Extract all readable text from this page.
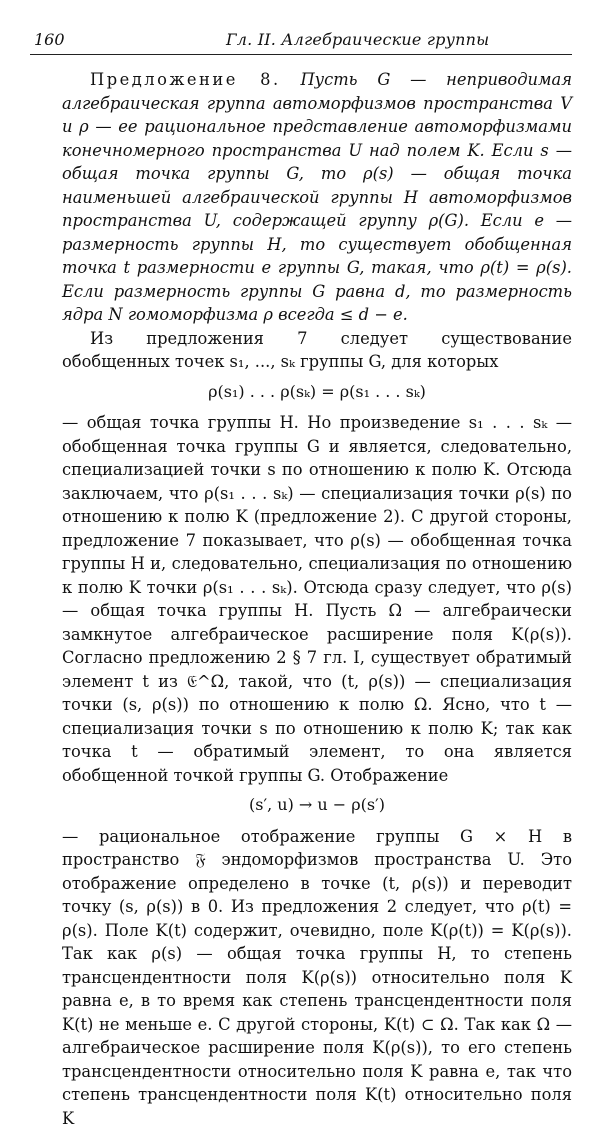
160	Гл. II. Алгебраические группы

Предложение 8. Пусть G — неприводимая алгебраическая группа автоморфизмов пространства V и ρ — ее рациональное представление автоморфизмами конечномерного пространства U над полем K. Если s — общая точка группы G, то ρ(s) — общая точка наименьшей алгебраической группы H автоморфизмов пространства U, содержащей группу ρ(G). Если e — размерность группы H, то существует обобщенная точка t размерности e группы G, такая, что ρ(t) = ρ(s). Если размерность группы G равна d, то размерность ядра N гомоморфизма ρ всегда ≤ d − e.

Из предложения 7 следует существование обобщенных точек s₁, ..., sₖ группы G, для которых

ρ(s₁) . . . ρ(sₖ) = ρ(s₁ . . . sₖ)

— общая точка группы H. Но произведение s₁ . . . sₖ — обобщенная точка группы G и является, следовательно, специализацией точки s по отношению к полю K. Отсюда заключаем, что ρ(s₁ . . . sₖ) — специализация точки ρ(s) по отношению к полю K (предложение 2). С другой стороны, предложение 7 показывает, что ρ(s) — обобщенная точка группы H и, следовательно, специализация по отношению к полю K точки ρ(s₁ . . . sₖ). Отсюда сразу следует, что ρ(s) — общая точка группы H. Пусть Ω — алгебраически замкнутое алгебраическое расширение поля K(ρ(s)). Согласно предложению 2 § 7 гл. I, существует обратимый элемент t из 𝔈^Ω, такой, что (t, ρ(s)) — специализация точки (s, ρ(s)) по отношению к полю Ω. Ясно, что t — специализация точки s по отношению к полю K; так как точка t — обратимый элемент, то она является обобщенной точкой группы G. Отображение

(s′, u) → u − ρ(s′)

— рациональное отображение группы G × H в пространство 𝔉 эндоморфизмов пространства U. Это отображение определено в точке (t, ρ(s)) и переводит точку (s, ρ(s)) в 0. Из предложения 2 следует, что ρ(t) = ρ(s). Поле K(t) содержит, очевидно, поле K(ρ(t)) = K(ρ(s)). Так как ρ(s) — общая точка группы H, то степень трансцендентности поля K(ρ(s)) относительно поля K равна e, в то время как степень трансцендентности поля K(t) не меньше e. С другой стороны, K(t) ⊂ Ω. Так как Ω — алгебраическое расширение поля K(ρ(s)), то его степень трансцендентности относительно поля K равна e, так что степень трансцендентности поля K(t) относительно поля K
